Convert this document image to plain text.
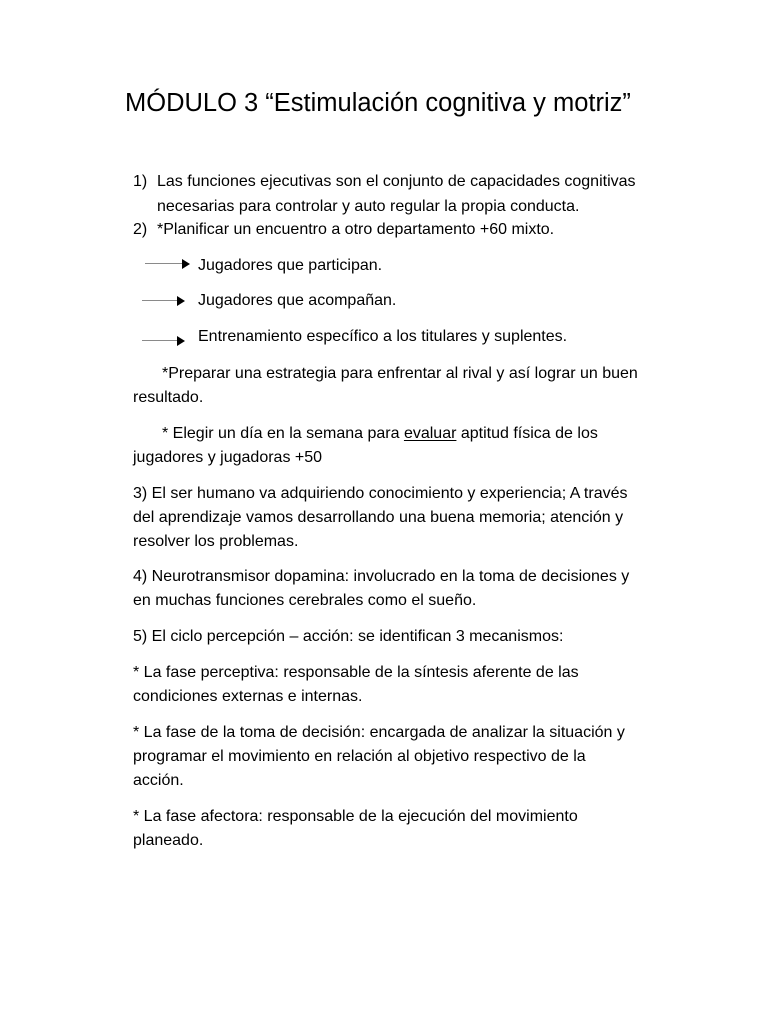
MÓDULO 3 “Estimulación cognitiva y motriz”
1) Las funciones ejecutivas son el conjunto de capacidades cognitivas
necesarias para controlar y auto regular la propia conducta.
2) *Planificar un encuentro a otro departamento +60 mixto.
Jugadores que participan.
Jugadores que acompañan.
Entrenamiento específico a los titulares y suplentes.
*Preparar una estrategia para enfrentar al rival y así lograr un buen
resultado.
* Elegir un día en la semana para evaluar aptitud física de los
jugadores y jugadoras +50
3) El ser humano va adquiriendo conocimiento y experiencia; A través
del aprendizaje vamos desarrollando una buena memoria; atención y
resolver los problemas.
4) Neurotransmisor dopamina: involucrado en la toma de decisiones y
en muchas funciones cerebrales como el sueño.
5) El ciclo percepción – acción: se identifican 3 mecanismos:
* La fase perceptiva: responsable de la síntesis aferente de las
condiciones externas e internas.
* La fase de la toma de decisión: encargada de analizar la situación y
programar el movimiento en relación al objetivo respectivo de la
acción.
* La fase afectora: responsable de la ejecución del movimiento
planeado.
